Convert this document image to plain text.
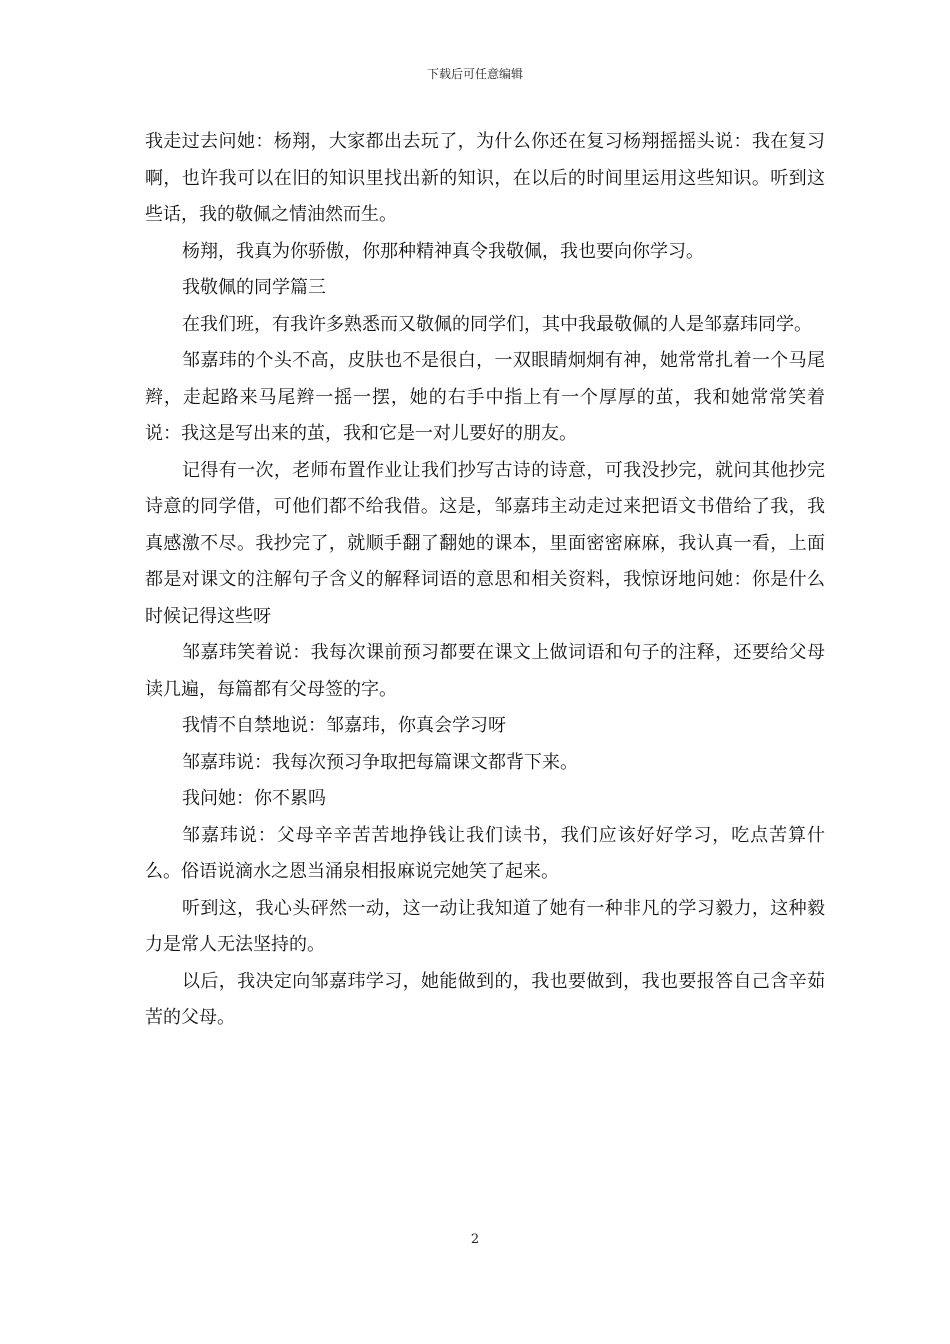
下载后可任意编辑

我走过去问她：杨翔，大家都出去玩了，为什么你还在复习杨翔摇摇头说：我在复习啊，也许我可以在旧的知识里找出新的知识，在以后的时间里运用这些知识。听到这些话，我的敬佩之情油然而生。

杨翔，我真为你骄傲，你那种精神真令我敬佩，我也要向你学习。

我敬佩的同学篇三

在我们班，有我许多熟悉而又敬佩的同学们，其中我最敬佩的人是邹嘉玮同学。

邹嘉玮的个头不高，皮肤也不是很白，一双眼睛炯炯有神，她常常扎着一个马尾辫，走起路来马尾辫一摇一摆，她的右手中指上有一个厚厚的茧，我和她常常笑着说：我这是写出来的茧，我和它是一对儿要好的朋友。

记得有一次，老师布置作业让我们抄写古诗的诗意，可我没抄完，就问其他抄完诗意的同学借，可他们都不给我借。这是，邹嘉玮主动走过来把语文书借给了我，我真感激不尽。我抄完了，就顺手翻了翻她的课本，里面密密麻麻，我认真一看，上面都是对课文的注解句子含义的解释词语的意思和相关资料，我惊讶地问她：你是什么时候记得这些呀

邹嘉玮笑着说：我每次课前预习都要在课文上做词语和句子的注释，还要给父母读几遍，每篇都有父母签的字。

我情不自禁地说：邹嘉玮，你真会学习呀

邹嘉玮说：我每次预习争取把每篇课文都背下来。

我问她：你不累吗

邹嘉玮说：父母辛辛苦苦地挣钱让我们读书，我们应该好好学习，吃点苦算什么。俗语说滴水之恩当涌泉相报麻说完她笑了起来。

听到这，我心头砰然一动，这一动让我知道了她有一种非凡的学习毅力，这种毅力是常人无法坚持的。

以后，我决定向邹嘉玮学习，她能做到的，我也要做到，我也要报答自己含辛茹苦的父母。

2
